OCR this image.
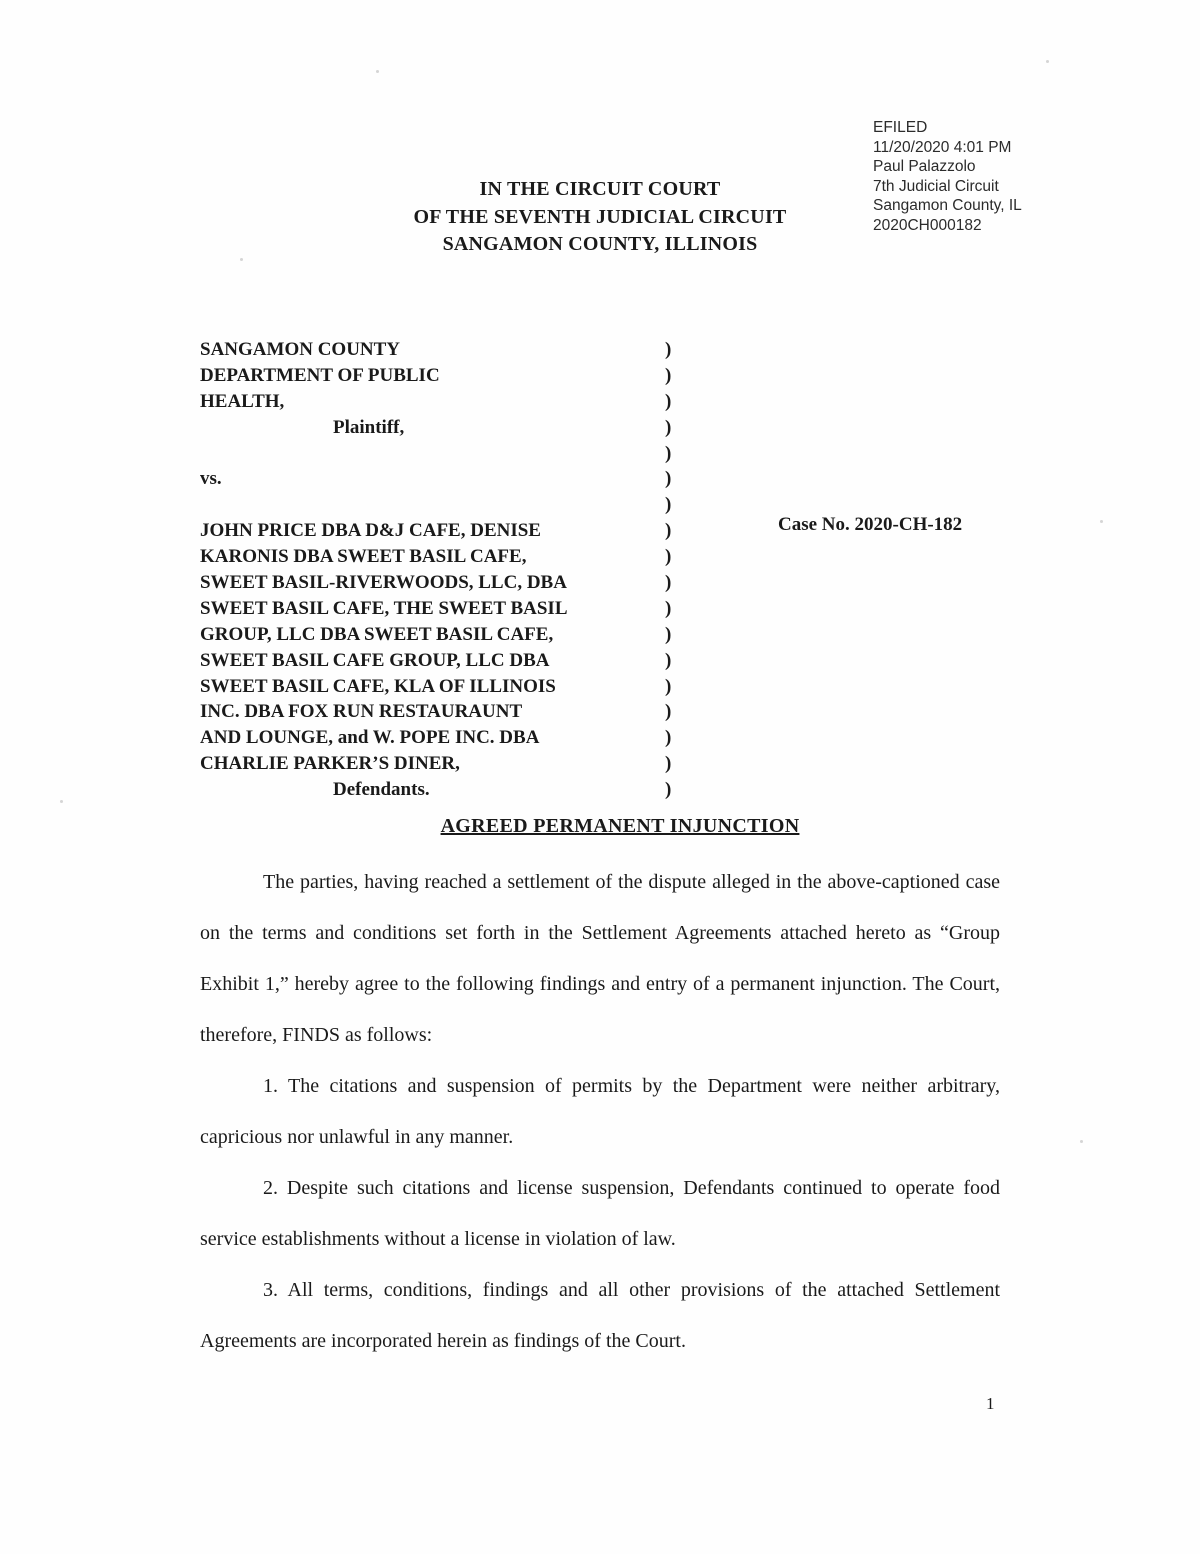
EFILED
11/20/2020 4:01 PM
Paul Palazzolo
7th Judicial Circuit
Sangamon County, IL
2020CH000182
IN THE CIRCUIT COURT
OF THE SEVENTH JUDICIAL CIRCUIT
SANGAMON COUNTY, ILLINOIS
SANGAMON COUNTY	)
DEPARTMENT OF PUBLIC	)
HEALTH,	)
Plaintiff,	)
)
vs.	)
)
JOHN PRICE DBA D&J CAFE, DENISE	)
KARONIS DBA SWEET BASIL CAFE,	)
SWEET BASIL-RIVERWOODS, LLC, DBA	)
SWEET BASIL CAFE, THE SWEET BASIL	)
GROUP, LLC DBA SWEET BASIL CAFE,	)
SWEET BASIL CAFE GROUP, LLC DBA	)
SWEET BASIL CAFE, KLA OF ILLINOIS	)
INC. DBA FOX RUN RESTAURAUNT	)
AND LOUNGE, and W. POPE INC. DBA	)
CHARLIE PARKER’S DINER,	)
Defendants.	)
Case No. 2020-CH-182
AGREED PERMANENT INJUNCTION

The parties, having reached a settlement of the dispute alleged in the above-captioned case on the terms and conditions set forth in the Settlement Agreements attached hereto as “Group Exhibit 1,” hereby agree to the following findings and entry of a permanent injunction. The Court, therefore, FINDS as follows:

1. The citations and suspension of permits by the Department were neither arbitrary, capricious nor unlawful in any manner.

2. Despite such citations and license suspension, Defendants continued to operate food service establishments without a license in violation of law.

3. All terms, conditions, findings and all other provisions of the attached Settlement Agreements are incorporated herein as findings of the Court.

1
